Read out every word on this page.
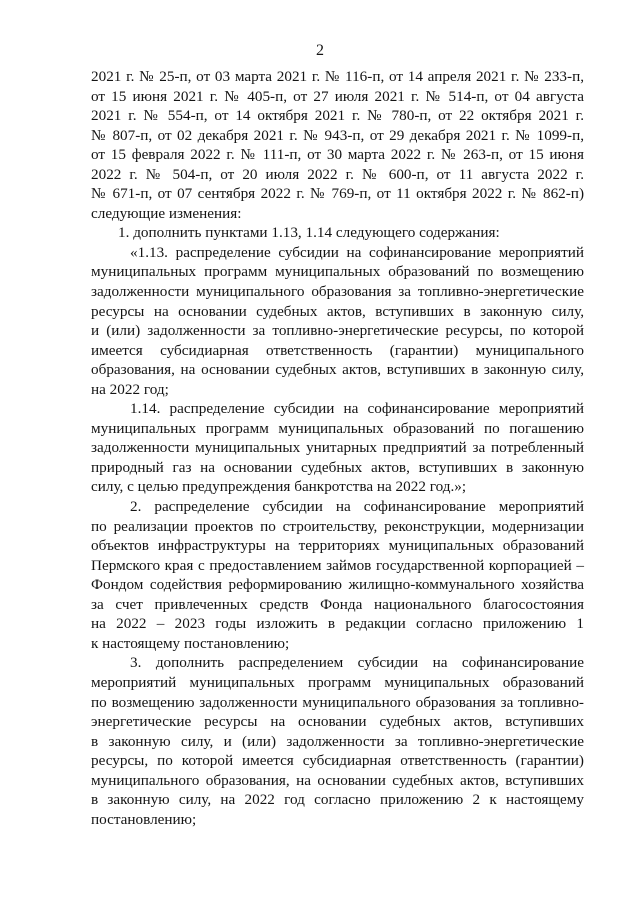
2
2021 г. № 25-п, от 03 марта 2021 г. № 116-п, от 14 апреля 2021 г. № 233-п,
от 15 июня 2021 г. № 405-п, от 27 июля 2021 г. № 514-п, от 04 августа
2021 г. № 554-п, от 14 октября 2021 г. № 780-п, от 22 октября 2021 г.
№ 807-п, от 02 декабря 2021 г. № 943-п, от 29 декабря 2021 г. № 1099-п,
от 15 февраля 2022 г. № 111-п, от 30 марта 2022 г. № 263-п, от 15 июня
2022 г. № 504-п, от 20 июля 2022 г. № 600-п, от 11 августа 2022 г.
№ 671-п, от 07 сентября 2022 г. № 769-п, от 11 октября 2022 г. № 862-п)
следующие изменения:
1. дополнить пунктами 1.13, 1.14 следующего содержания:
«1.13. распределение субсидии на софинансирование мероприятий
муниципальных программ муниципальных образований по возмещению
задолженности муниципального образования за топливно-энергетические
ресурсы на основании судебных актов, вступивших в законную силу,
и (или) задолженности за топливно-энергетические ресурсы, по которой
имеется субсидиарная ответственность (гарантии) муниципального
образования, на основании судебных актов, вступивших в законную силу,
на 2022 год;
1.14. распределение субсидии на софинансирование мероприятий
муниципальных программ муниципальных образований по погашению
задолженности муниципальных унитарных предприятий за потребленный
природный газ на основании судебных актов, вступивших в законную
силу, с целью предупреждения банкротства на 2022 год.»;
2. распределение субсидии на софинансирование мероприятий
по реализации проектов по строительству, реконструкции, модернизации
объектов инфраструктуры на территориях муниципальных образований
Пермского края с предоставлением займов государственной корпорацией –
Фондом содействия реформированию жилищно-коммунального хозяйства
за счет привлеченных средств Фонда национального благосостояния
на 2022 – 2023 годы изложить в редакции согласно приложению 1
к настоящему постановлению;
3. дополнить распределением субсидии на софинансирование
мероприятий муниципальных программ муниципальных образований
по возмещению задолженности муниципального образования за топливно-
энергетические ресурсы на основании судебных актов, вступивших
в законную силу, и (или) задолженности за топливно-энергетические
ресурсы, по которой имеется субсидиарная ответственность (гарантии)
муниципального образования, на основании судебных актов, вступивших
в законную силу, на 2022 год согласно приложению 2 к настоящему
постановлению;
